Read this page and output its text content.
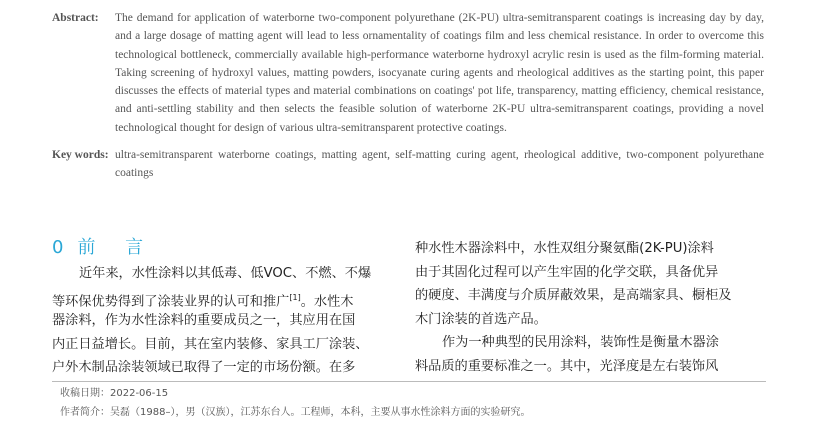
Abstract: The demand for application of waterborne two-component polyurethane (2K-PU) ultra-semitransparent coatings is increasing day by day, and a large dosage of matting agent will lead to less ornamentality of coatings film and less chemical resistance. In order to overcome this technological bottleneck, commercially available high-performance waterborne hydroxyl acrylic resin is used as the film-forming material. Taking screening of hydroxyl values, matting powders, isocyanate curing agents and rheological additives as the starting point, this paper discusses the effects of material types and material combinations on coatings' pot life, transparency, matting efficiency, chemical resistance, and anti-settling stability and then selects the feasible solution of waterborne 2K-PU ultra-semitransparent coatings, providing a novel technological thought for design of various ultra-semitransparent protective coatings.
Key words: ultra-semitransparent waterborne coatings, matting agent, self-matting curing agent, rheological additive, two-component polyurethane coatings
0 前 言
近年来，水性涂料以其低毒、低VOC、不燃、不爆
等环保优势得到了涂装业界的认可和推广[1]。水性木
器涂料，作为水性涂料的重要成员之一，其应用在国
内正日益增长。目前，其在室内装修、家具工厂涂装、
户外木制品涂装领域已取得了一定的市场份额。在多
种水性木器涂料中，水性双组分聚氨酯(2K-PU)涂料
由于其固化过程可以产生牢固的化学交联，具备优异
的硬度、丰满度与介质屏蔽效果，是高端家具、橱柜及
木门涂装的首选产品。
作为一种典型的民用涂料，装饰性是衡量木器涂
料品质的重要标准之一。其中，光泽度是左右装饰风
收稿日期：2022-06-15
作者简介：吴磊（1988–），男（汉族），江苏东台人。工程师，本科，主要从事水性涂料方面的实验研究。
